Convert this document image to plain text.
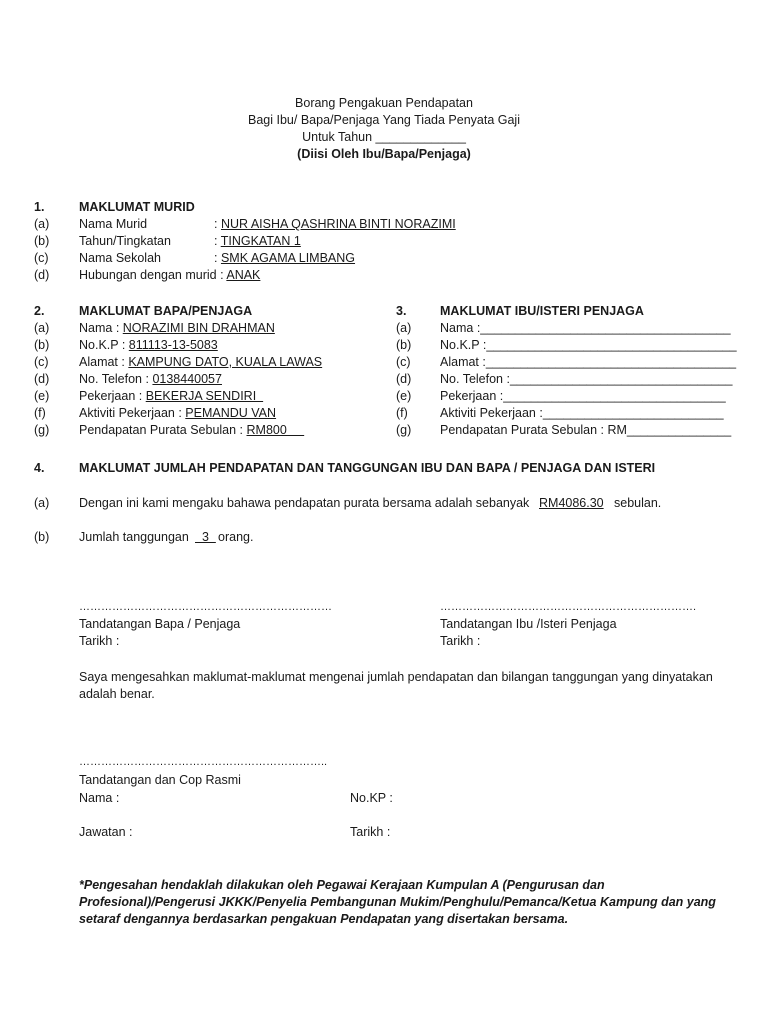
Borang Pengakuan Pendapatan
Bagi Ibu/ Bapa/Penjaga Yang Tiada Penyata Gaji
Untuk Tahun _____________
(Diisi Oleh Ibu/Bapa/Penjaga)
1.	MAKLUMAT MURID
(a) Nama Murid	: NUR AISHA QASHRINA BINTI NORAZIMI
(b) Tahun/Tingkatan	: TINGKATAN 1
(c) Nama Sekolah	: SMK AGAMA LIMBANG
(d) Hubungan dengan murid : ANAK
2.	MAKLUMAT BAPA/PENJAGA
(a) Nama : NORAZIMI BIN DRAHMAN
(b) No.K.P : 811113-13-5083
(c) Alamat : KAMPUNG DATO, KUALA LAWAS
(d) No. Telefon : 0138440057
(e) Pekerjaan : BEKERJA SENDIRI
(f)	Aktiviti Pekerjaan : PEMANDU VAN
(g) Pendapatan Purata Sebulan : RM800
3.	MAKLUMAT IBU/ISTERI PENJAGA
(a) Nama :____________________________________
(b) No.K.P :____________________________________
(c) Alamat :____________________________________
(d) No. Telefon :________________________________
(e) Pekerjaan :________________________________
(f)	Aktiviti Pekerjaan :__________________________
(g) Pendapatan Purata Sebulan : RM_______________
4.	MAKLUMAT JUMLAH PENDAPATAN DAN TANGGUNGAN IBU DAN BAPA / PENJAGA DAN ISTERI
(a) Dengan ini kami mengaku bahawa pendapatan purata bersama adalah sebanyak RM4086.30 sebulan.
(b) Jumlah tanggungan 3 orang.
……………………………………………………………
Tandatangan Bapa / Penjaga
Tarikh :
…………………………………………………………….
Tandatangan Ibu /Isteri Penjaga
Tarikh :
Saya mengesahkan maklumat-maklumat mengenai jumlah pendapatan dan bilangan tanggungan yang dinyatakan adalah benar.
…………………………………………………………..
Tandatangan dan Cop Rasmi
Nama :	No.KP :
Jawatan :	Tarikh :
*Pengesahan hendaklah dilakukan oleh Pegawai Kerajaan Kumpulan A (Pengurusan dan Profesional)/Pengerusi JKKK/Penyelia Pembangunan Mukim/Penghulu/Pemanca/Ketua Kampung dan yang setaraf dengannya berdasarkan pengakuan Pendapatan yang disertakan bersama.
